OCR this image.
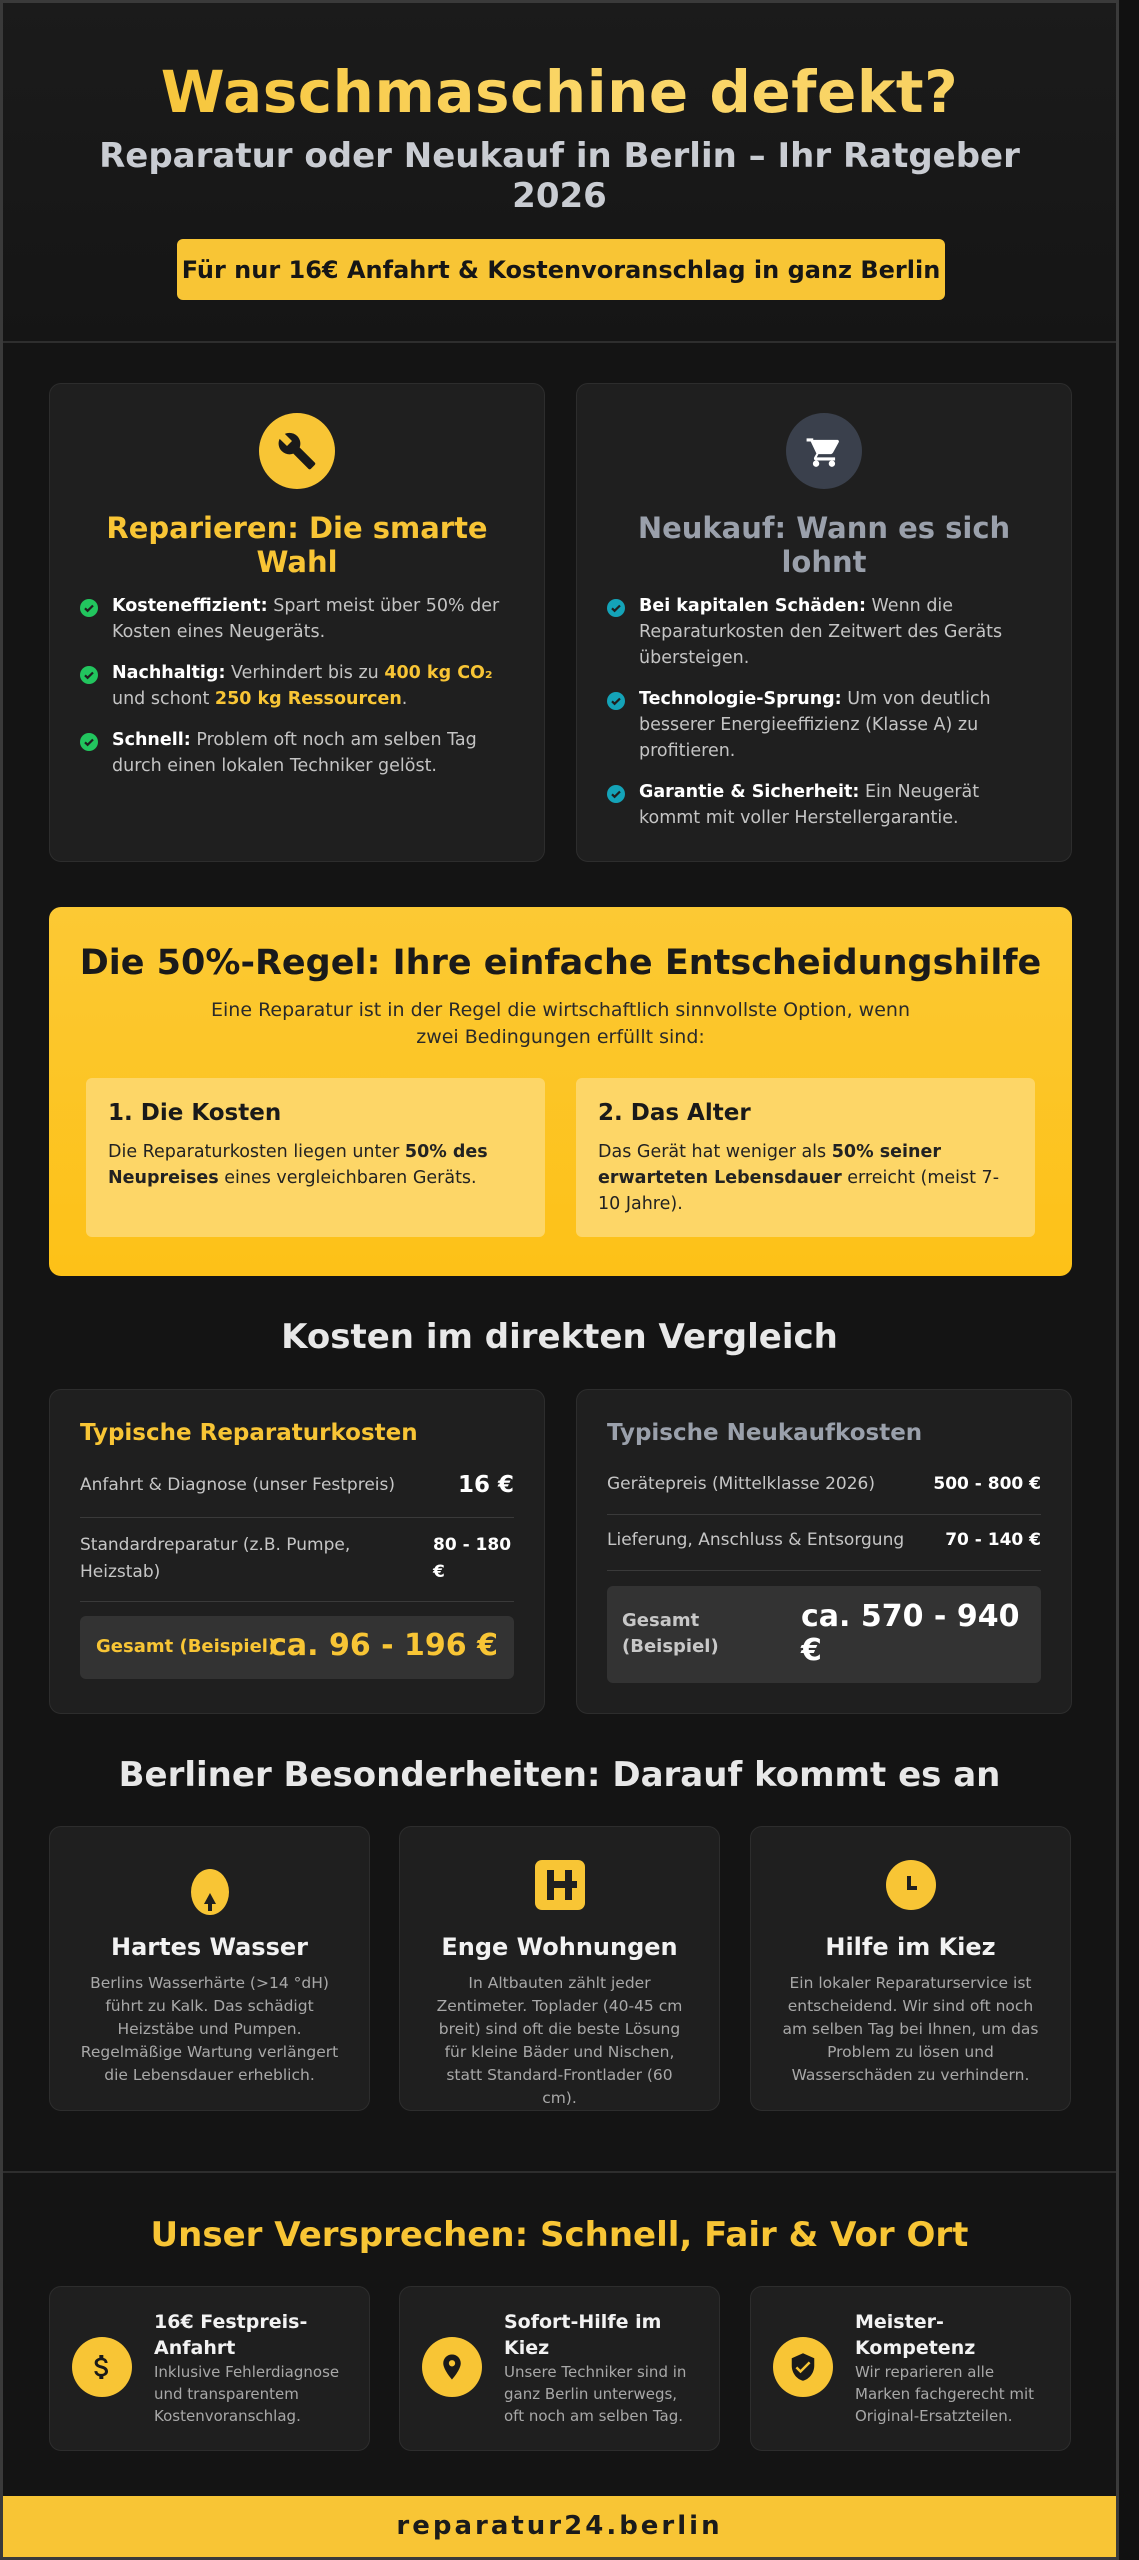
Waschmaschine defekt?
Reparatur oder Neukauf in Berlin – Ihr Ratgeber 2026
Für nur 16€ Anfahrt & Kostenvoranschlag in ganz Berlin
Reparieren: Die smarte Wahl
Kosteneffizient: Spart meist über 50% der Kosten eines Neugeräts.
Nachhaltig: Verhindert bis zu 400 kg CO₂ und schont 250 kg Ressourcen.
Schnell: Problem oft noch am selben Tag durch einen lokalen Techniker gelöst.
Neukauf: Wann es sich lohnt
Bei kapitalen Schäden: Wenn die Reparaturkosten den Zeitwert des Geräts übersteigen.
Technologie-Sprung: Um von deutlich besserer Energieeffizienz (Klasse A) zu profitieren.
Garantie & Sicherheit: Ein Neugerät kommt mit voller Herstellergarantie.
Die 50%-Regel: Ihre einfache Entscheidungshilfe

Eine Reparatur ist in der Regel die wirtschaftlich sinnvollste Option, wenn zwei Bedingungen erfüllt sind:

1. Die Kosten

Die Reparaturkosten liegen unter 50% des Neupreises eines vergleichbaren Geräts.

2. Das Alter

Das Gerät hat weniger als 50% seiner erwarteten Lebensdauer erreicht (meist 7-10 Jahre).

Kosten im direkten Vergleich
Typische Reparaturkosten
Anfahrt & Diagnose (unser Festpreis)	16 €
Standardreparatur (z.B. Pumpe, Heizstab)
80 - 180 €
Gesamt (Beispiel)
ca. 96 - 196 €
Typische Neukaufkosten
Gerätepreis (Mittelklasse 2026)	500 - 800 €
Lieferung, Anschluss & Entsorgung 70 - 140 €
Gesamt (Beispiel)
ca. 570 - 940 €
Berliner Besonderheiten: Darauf kommt es an
Hartes Wasser

Berlins Wasserhärte (>14 °dH) führt zu Kalk. Das schädigt Heizstäbe und Pumpen. Regelmäßige Wartung verlängert die Lebensdauer erheblich.

Enge Wohnungen

In Altbauten zählt jeder Zentimeter. Toplader (40-45 cm breit) sind oft die beste Lösung für kleine Bäder und Nischen, statt Standard-Frontlader (60 cm).

Hilfe im Kiez

Ein lokaler Reparaturservice ist entscheidend. Wir sind oft noch am selben Tag bei Ihnen, um das Problem zu lösen und Wasserschäden zu verhindern.

Unser Versprechen: Schnell, Fair & Vor Ort
16€ Festpreis-Anfahrt

Inklusive Fehlerdiagnose und transparentem Kostenvoranschlag.

Sofort-Hilfe im Kiez

Unsere Techniker sind in ganz Berlin unterwegs, oft noch am selben Tag.

Meister-Kompetenz

Wir reparieren alle Marken fachgerecht mit Original-Ersatzteilen.

reparatur24.berlin
